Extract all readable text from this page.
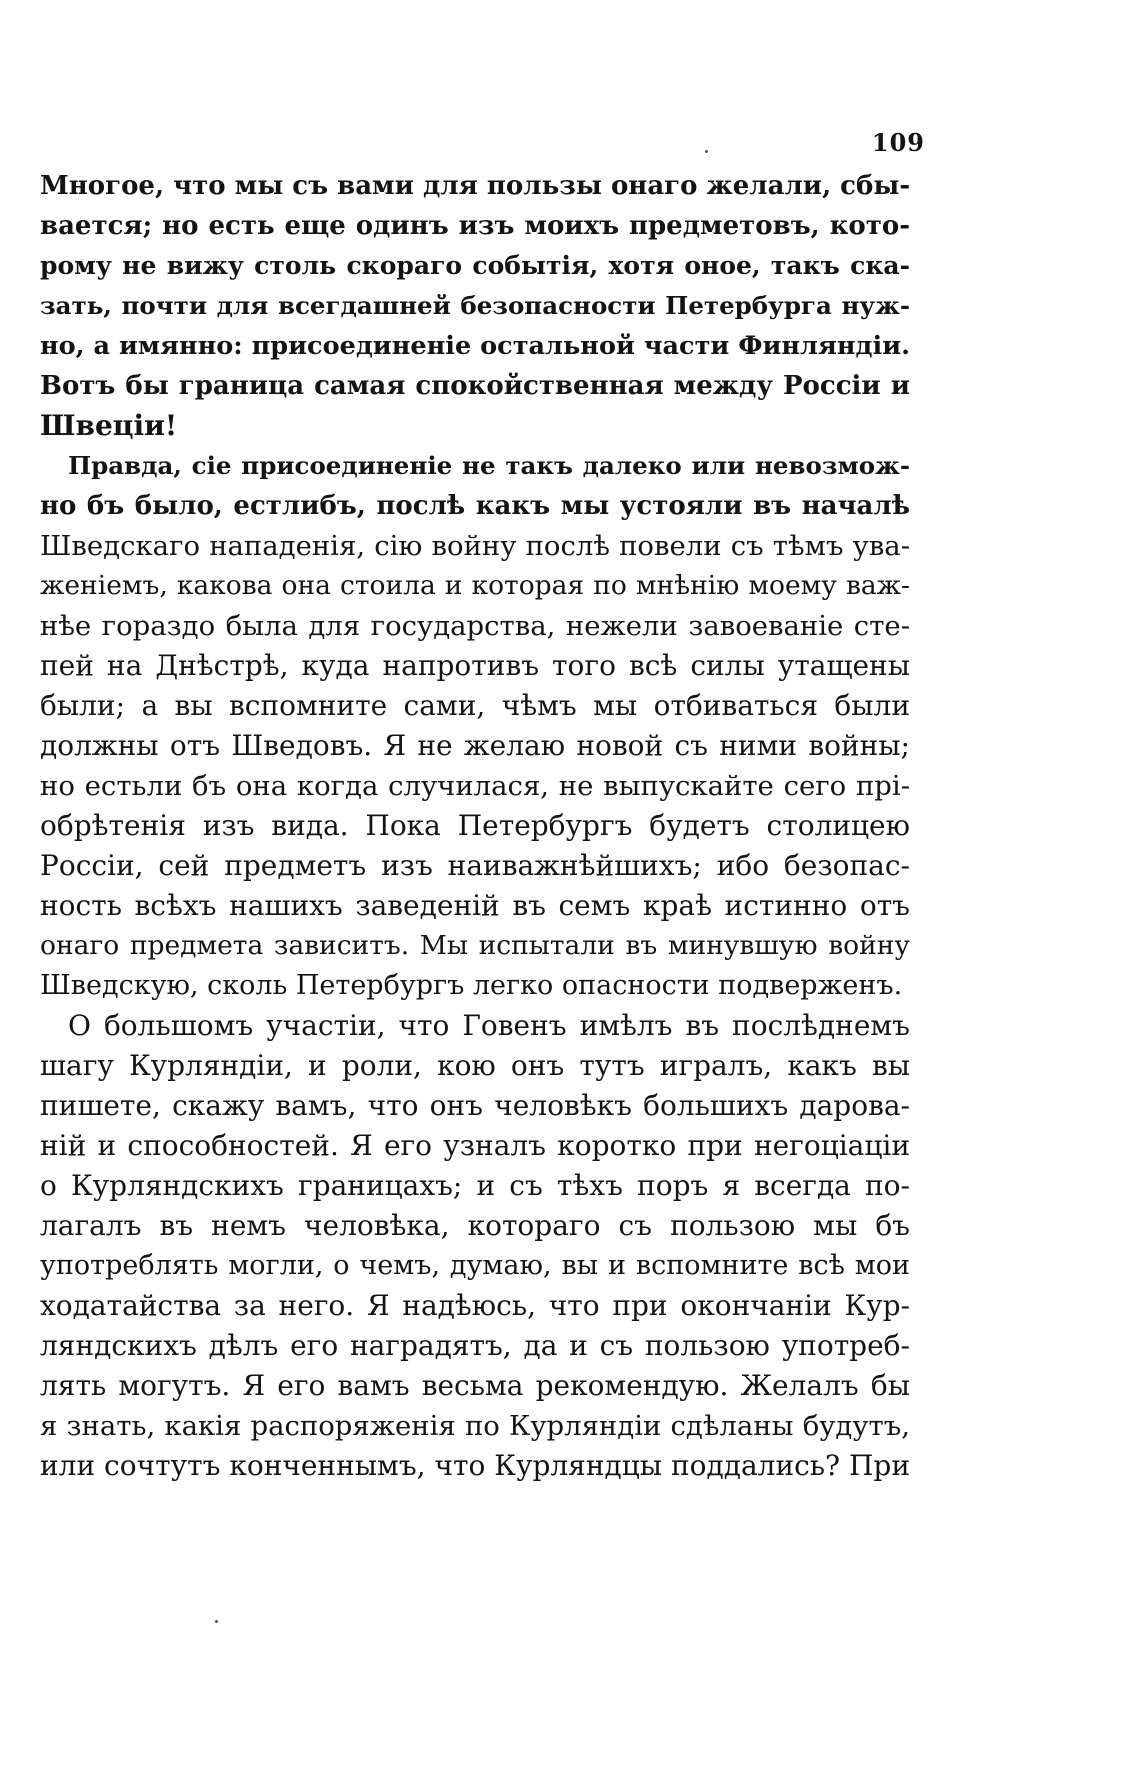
109
Многое, что мы съ вами для пользы онаго желали, сбы-
вается; но есть еще одинъ изъ моихъ предметовъ, кото-
рому не вижу столь скораго событія, хотя оное, такъ ска-
зать, почти для всегдашней безопасности Петербурга нуж-
но, а имянно: присоединеніе остальной части Финляндіи.
Вотъ бы граница самая спокойственная между Россіи и
Швеціи!
Правда, сіе присоединеніе не такъ далеко или невозмож-
но бъ было, естлибъ, послѣ какъ мы устояли въ началѣ
Шведскаго нападенія, сію войну послѣ повели съ тѣмъ ува-
женіемъ, какова она стоила и которая по мнѣнію моему важ-
нѣе гораздо была для государства, нежели завоеваніе сте-
пей на Днѣстрѣ, куда напротивъ того всѣ силы утащены
были; а вы вспомните сами, чѣмъ мы отбиваться были
должны отъ Шведовъ. Я не желаю новой съ ними войны;
но естьли бъ она когда случилася, не выпускайте сего прі-
обрѣтенія изъ вида. Пока Петербургъ будетъ столицею
Россіи, сей предметъ изъ наиважнѣйшихъ; ибо безопас-
ность всѣхъ нашихъ заведеній въ семъ краѣ истинно отъ
онаго предмета зависитъ. Мы испытали въ минувшую войну
Шведскую, сколь Петербургъ легко опасности подверженъ.
О большомъ участіи, что Говенъ имѣлъ въ послѣднемъ
шагу Курляндіи, и роли, кою онъ тутъ игралъ, какъ вы
пишете, скажу вамъ, что онъ человѣкъ большихъ дарова-
ній и способностей. Я его узналъ коротко при негоціаціи
о Курляндскихъ границахъ; и съ тѣхъ поръ я всегда по-
лагалъ въ немъ человѣка, котораго съ пользою мы бъ
употреблять могли, о чемъ, думаю, вы и вспомните всѣ мои
ходатайства за него. Я надѣюсь, что при окончаніи Кур-
ляндскихъ дѣлъ его наградятъ, да и съ пользою употреб-
лять могутъ. Я его вамъ весьма рекомендую. Желалъ бы
я знать, какія распоряженія по Курляндіи сдѣланы будутъ,
или сочтутъ конченнымъ, что Курляндцы поддались? При
